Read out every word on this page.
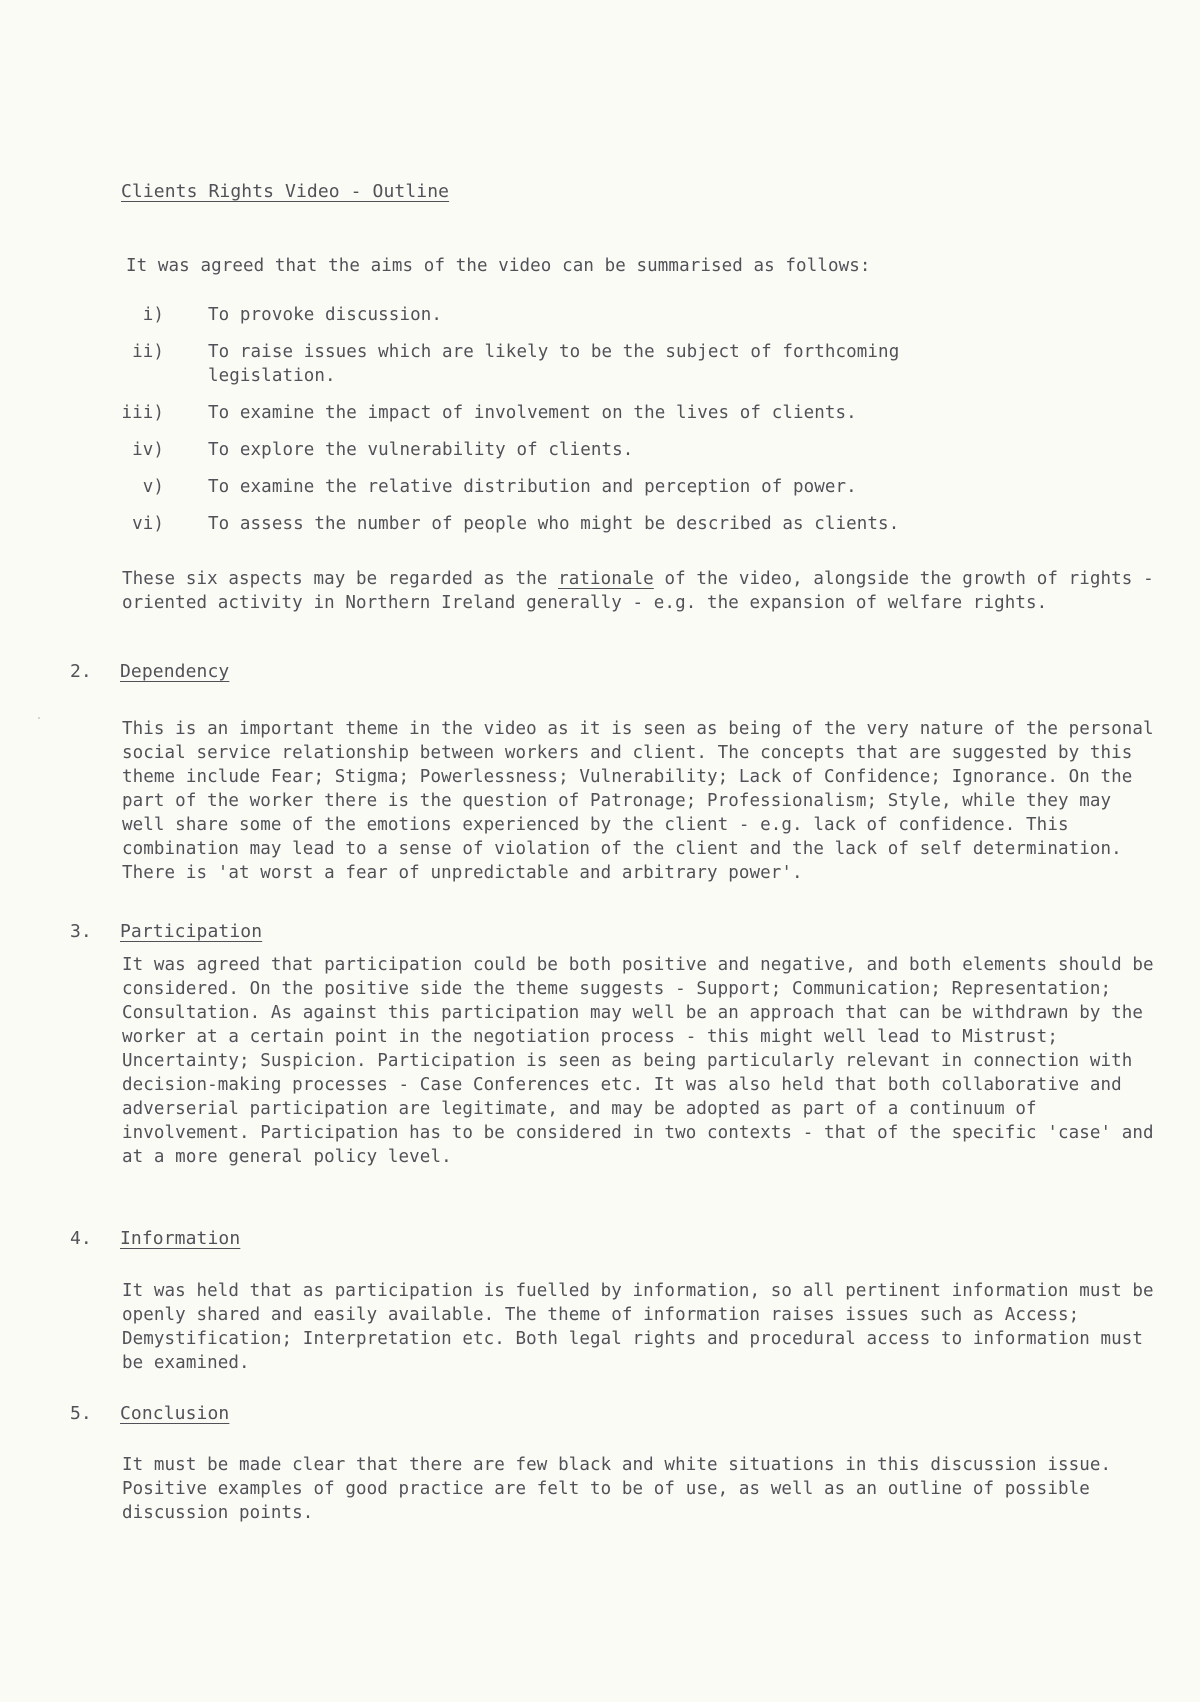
Clients Rights Video - Outline
It was agreed that the aims of the video can be summarised as follows:
i)	To provoke discussion.
ii)	To raise issues which are likely to be the subject of forthcoming legislation.
iii)	To examine the impact of involvement on the lives of clients.
iv)	To explore the vulnerability of clients.
v)	To examine the relative distribution and perception of power.
vi)	To assess the number of people who might be described as clients.

These six aspects may be regarded as the rationale of the video, alongside the growth of rights - oriented activity in Northern Ireland generally - e.g. the expansion of welfare rights.

2.	Dependency

This is an important theme in the video as it is seen as being of the very nature of the personal social service relationship between workers and client. The concepts that are suggested by this theme include Fear; Stigma; Powerlessness; Vulnerability; Lack of Confidence; Ignorance. On the part of the worker there is the question of Patronage; Professionalism; Style, while they may well share some of the emotions experienced by the client - e.g. lack of confidence. This combination may lead to a sense of violation of the client and the lack of self determination. There is 'at worst a fear of unpredictable and arbitrary power'.

3.	Participation

It was agreed that participation could be both positive and negative, and both elements should be considered. On the positive side the theme suggests - Support; Communication; Representation; Consultation. As against this participation may well be an approach that can be withdrawn by the worker at a certain point in the negotiation process - this might well lead to Mistrust; Uncertainty; Suspicion. Participation is seen as being particularly relevant in connection with decision-making processes - Case Conferences etc. It was also held that both collaborative and adverserial participation are legitimate, and may be adopted as part of a continuum of involvement. Participation has to be considered in two contexts - that of the specific 'case' and at a more general policy level.

4.	Information

It was held that as participation is fuelled by information, so all pertinent information must be openly shared and easily available. The theme of information raises issues such as Access; Demystification; Interpretation etc. Both legal rights and procedural access to information must be examined.

5.	Conclusion

It must be made clear that there are few black and white situations in this discussion issue. Positive examples of good practice are felt to be of use, as well as an outline of possible discussion points.
